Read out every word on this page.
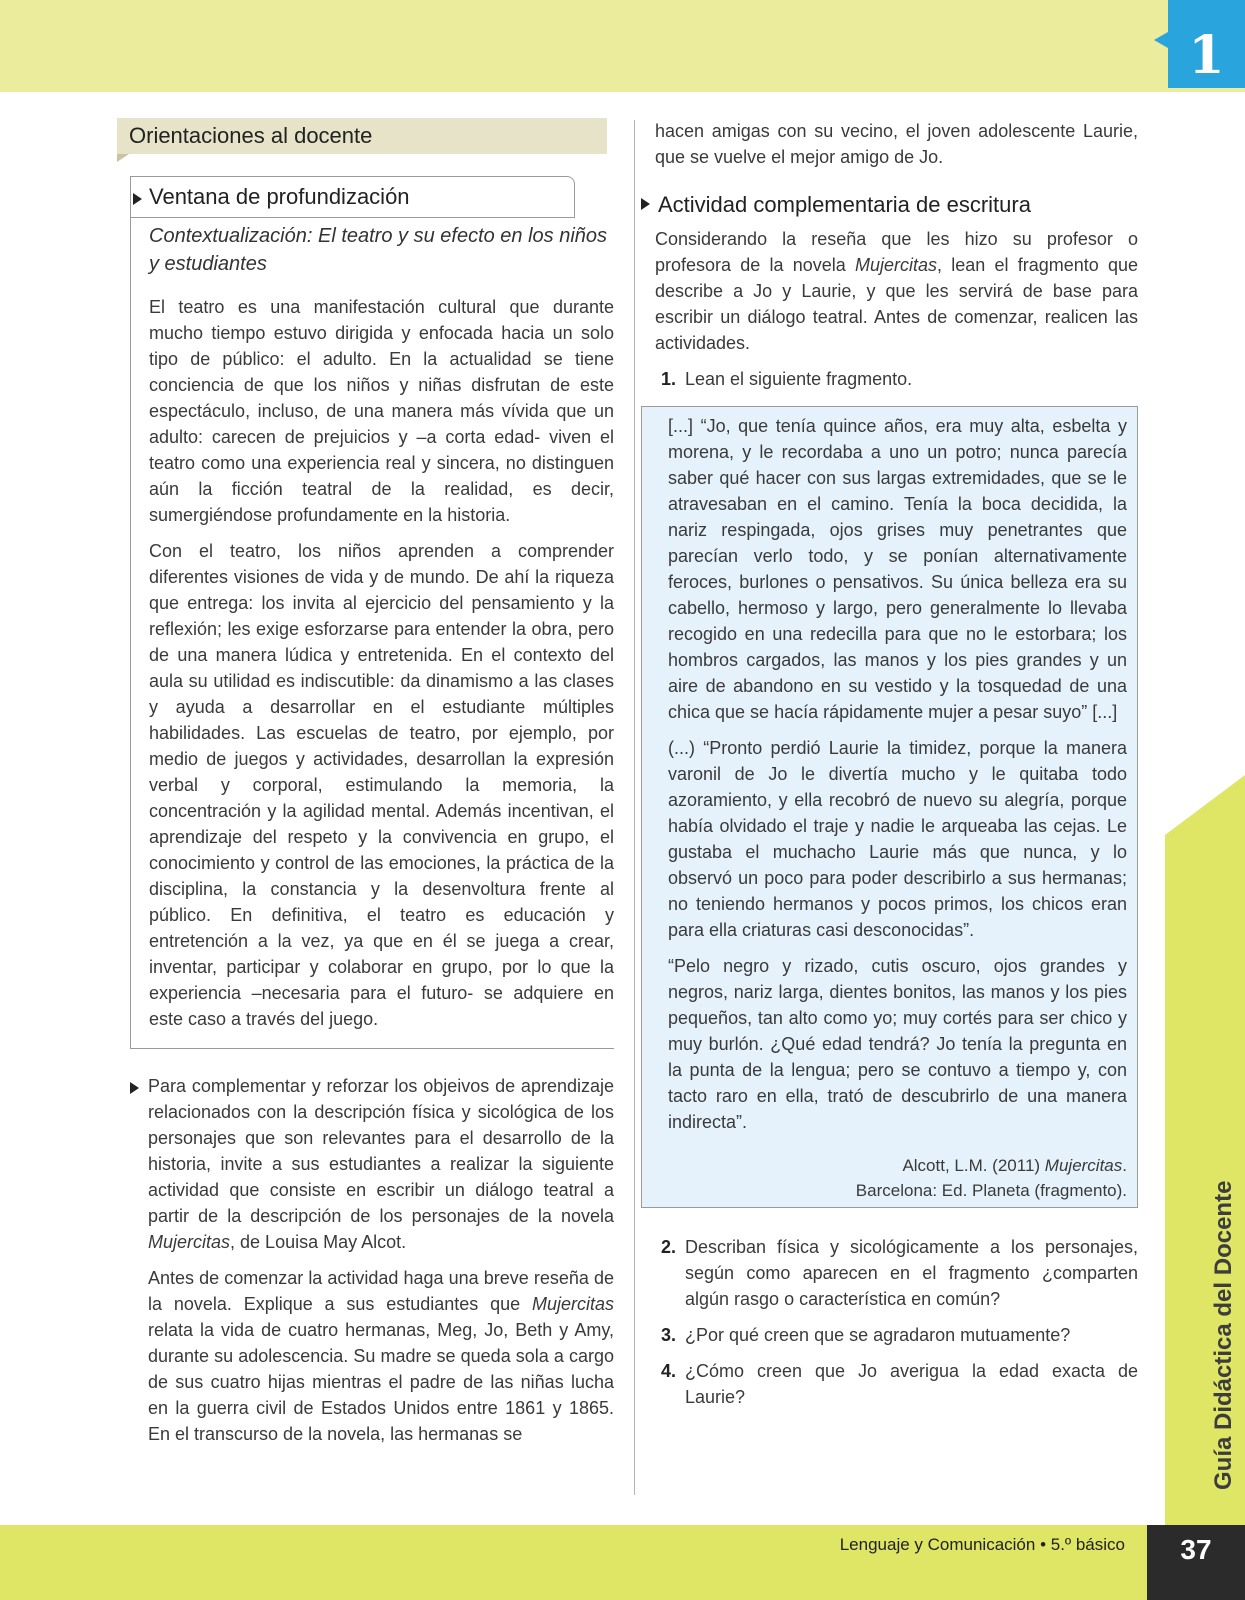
1
Guía Didáctica del Docente
Orientaciones al docente
Ventana de profundización
Contextualización: El teatro y su efecto en los niños y estudiantes

El teatro es una manifestación cultural que durante mucho tiempo estuvo dirigida y enfocada hacia un solo tipo de público: el adulto. En la actualidad se tiene conciencia de que los niños y niñas disfrutan de este espectáculo, incluso, de una manera más vívida que un adulto: carecen de prejuicios y –a corta edad- viven el teatro como una experiencia real y sincera, no distinguen aún la ficción teatral de la realidad, es decir, sumergiéndose profundamente en la historia.

Con el teatro, los niños aprenden a comprender diferentes visiones de vida y de mundo. De ahí la riqueza que entrega: los invita al ejercicio del pensamiento y la reflexión; les exige esforzarse para entender la obra, pero de una manera lúdica y entretenida. En el contexto del aula su utilidad es indiscutible: da dinamismo a las clases y ayuda a desarrollar en el estudiante múltiples habilidades. Las escuelas de teatro, por ejemplo, por medio de juegos y actividades, desarrollan la expresión verbal y corporal, estimulando la memoria, la concentración y la agilidad mental. Además incentivan, el aprendizaje del respeto y la convivencia en grupo, el conocimiento y control de las emociones, la práctica de la disciplina, la constancia y la desenvoltura frente al público. En definitiva, el teatro es educación y entretención a la vez, ya que en él se juega a crear, inventar, participar y colaborar en grupo, por lo que la experiencia –necesaria para el futuro- se adquiere en este caso a través del juego.

Para complementar y reforzar los objeivos de aprendizaje relacionados con la descripción física y sicológica de los personajes que son relevantes para el desarrollo de la historia, invite a sus estudiantes a realizar la siguiente actividad que consiste en escribir un diálogo teatral a partir de la descripción de los personajes de la novela Mujercitas, de Louisa May Alcot.

Antes de comenzar la actividad haga una breve reseña de la novela. Explique a sus estudiantes que Mujercitas relata la vida de cuatro hermanas, Meg, Jo, Beth y Amy, durante su adolescencia. Su madre se queda sola a cargo de sus cuatro hijas mientras el padre de las niñas lucha en la guerra civil de Estados Unidos entre 1861 y 1865. En el transcurso de la novela, las hermanas se

hacen amigas con su vecino, el joven adolescente Laurie, que se vuelve el mejor amigo de Jo.

Actividad complementaria de escritura

Considerando la reseña que les hizo su profesor o profesora de la novela Mujercitas, lean el fragmento que describe a Jo y Laurie, y que les servirá de base para escribir un diálogo teatral. Antes de comenzar, realicen las actividades.

1. Lean el siguiente fragmento.

[...] “Jo, que tenía quince años, era muy alta, esbelta y morena, y le recordaba a uno un potro; nunca parecía saber qué hacer con sus largas extremidades, que se le atravesaban en el camino. Tenía la boca decidida, la nariz respingada, ojos grises muy penetrantes que parecían verlo todo, y se ponían alternativamente feroces, burlones o pensativos. Su única belleza era su cabello, hermoso y largo, pero generalmente lo llevaba recogido en una redecilla para que no le estorbara; los hombros cargados, las manos y los pies grandes y un aire de abandono en su vestido y la tosquedad de una chica que se hacía rápidamente mujer a pesar suyo” [...]

(...) “Pronto perdió Laurie la timidez, porque la manera varonil de Jo le divertía mucho y le quitaba todo azoramiento, y ella recobró de nuevo su alegría, porque había olvidado el traje y nadie le arqueaba las cejas. Le gustaba el muchacho Laurie más que nunca, y lo observó un poco para poder describirlo a sus hermanas; no teniendo hermanos y pocos primos, los chicos eran para ella criaturas casi desconocidas”.

“Pelo negro y rizado, cutis oscuro, ojos grandes y negros, nariz larga, dientes bonitos, las manos y los pies pequeños, tan alto como yo; muy cortés para ser chico y muy burlón. ¿Qué edad tendrá? Jo tenía la pregunta en la punta de la lengua; pero se contuvo a tiempo y, con tacto raro en ella, trató de descubrirlo de una manera indirecta”.

Alcott, L.M. (2011) Mujercitas.
Barcelona: Ed. Planeta (fragmento).
2. Describan física y sicológicamente a los personajes, según como aparecen en el fragmento ¿comparten algún rasgo o característica en común?
3. ¿Por qué creen que se agradaron mutuamente?
4. ¿Cómo creen que Jo averigua la edad exacta de Laurie?
Lenguaje y Comunicación • 5.º básico	37
